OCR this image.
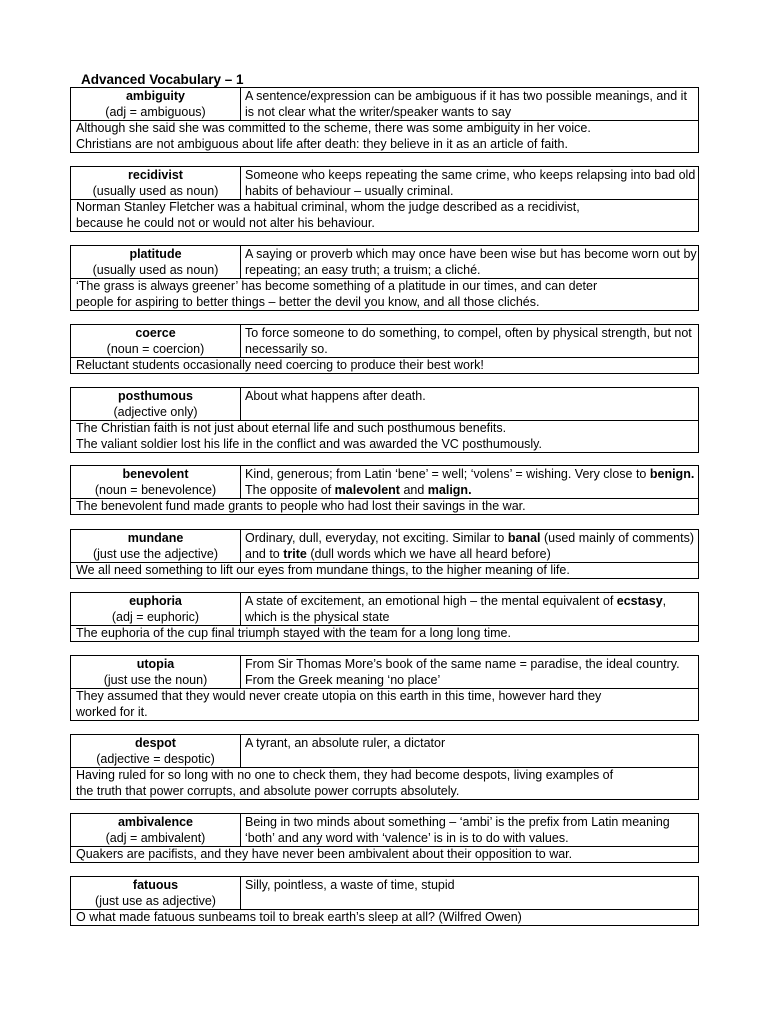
Advanced Vocabulary – 1
ambiguity
(adj = ambiguous)
A sentence/expression can be ambiguous if it has two possible meanings, and it is not clear what the writer/speaker wants to say
Although she said she was committed to the scheme, there was some ambiguity in her voice.
Christians are not ambiguous about life after death: they believe in it as an article of faith.
recidivist
(usually used as noun)
Someone who keeps repeating the same crime, who keeps relapsing into bad old habits of behaviour – usually criminal.
Norman Stanley Fletcher was a habitual criminal, whom the judge described as a recidivist,
because he could not or would not alter his behaviour.
platitude
(usually used as noun)
A saying or proverb which may once have been wise but has become worn out by repeating; an easy truth; a truism; a cliché.
‘The grass is always greener’ has become something of a platitude in our times, and can deter
people for aspiring to better things – better the devil you know, and all those clichés.
coerce
(noun = coercion)
To force someone to do something, to compel, often by physical strength, but not necessarily so.
Reluctant students occasionally need coercing to produce their best work!
posthumous
(adjective only)
About what happens after death.
The Christian faith is not just about eternal life and such posthumous benefits.
The valiant soldier lost his life in the conflict and was awarded the VC posthumously.
benevolent
(noun = benevolence)
Kind, generous; from Latin ‘bene’ = well; ‘volens’ = wishing. Very close to benign. The opposite of malevolent and malign.
The benevolent fund made grants to people who had lost their savings in the war.
mundane
(just use the adjective)
Ordinary, dull, everyday, not exciting. Similar to banal (used mainly of comments) and to trite (dull words which we have all heard before)
We all need something to lift our eyes from mundane things, to the higher meaning of life.
euphoria
(adj = euphoric)
A state of excitement, an emotional high – the mental equivalent of ecstasy, which is the physical state
The euphoria of the cup final triumph stayed with the team for a long long time.
utopia
(just use the noun)
From Sir Thomas More’s book of the same name = paradise, the ideal country. From the Greek meaning ‘no place’
They assumed that they would never create utopia on this earth in this time, however hard they
worked for it.
despot
(adjective = despotic)
A tyrant, an absolute ruler, a dictator
Having ruled for so long with no one to check them, they had become despots, living examples of
the truth that power corrupts, and absolute power corrupts absolutely.
ambivalence
(adj = ambivalent)
Being in two minds about something – ‘ambi’ is the prefix from Latin meaning ‘both’ and any word with ‘valence’ is in is to do with values.
Quakers are pacifists, and they have never been ambivalent about their opposition to war.
fatuous
(just use as adjective)
Silly, pointless, a waste of time, stupid
O what made fatuous sunbeams toil to break earth’s sleep at all? (Wilfred Owen)
